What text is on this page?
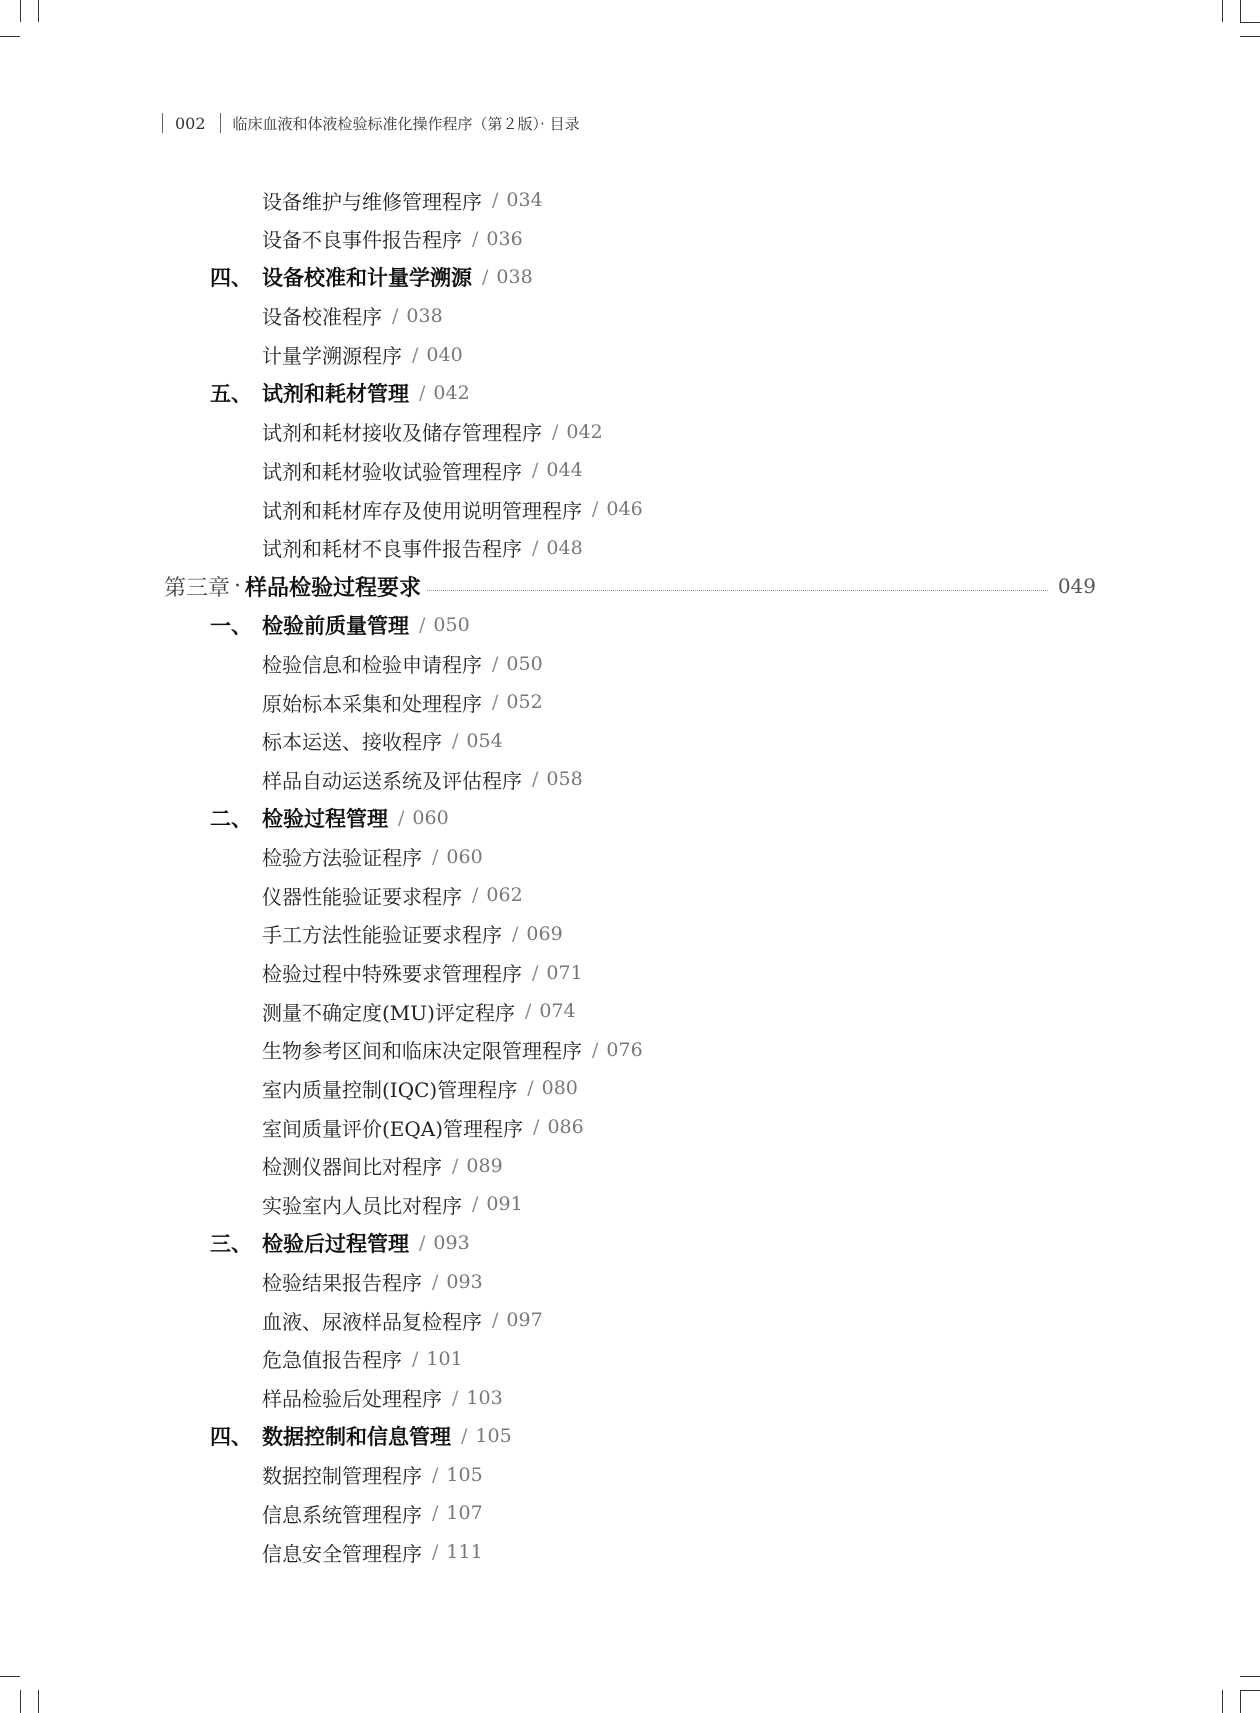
002 临床血液和体液检验标准化操作程序（第２版）· 目录
设备维护与维修管理程序 / 034
设备不良事件报告程序 / 036
四、 设备校准和计量学溯源 / 038
设备校准程序 / 038
计量学溯源程序 / 040
五、 试剂和耗材管理 / 042
试剂和耗材接收及储存管理程序 / 042
试剂和耗材验收试验管理程序 / 044
试剂和耗材库存及使用说明管理程序 / 046
试剂和耗材不良事件报告程序 / 048
第三章 · 样品检验过程要求	049
一、 检验前质量管理 / 050
检验信息和检验申请程序 / 050
原始标本采集和处理程序 / 052
标本运送、接收程序 / 054
样品自动运送系统及评估程序 / 058
二、 检验过程管理 / 060
检验方法验证程序 / 060
仪器性能验证要求程序 / 062
手工方法性能验证要求程序 / 069
检验过程中特殊要求管理程序 / 071
测量不确定度(MU)评定程序 / 074
生物参考区间和临床决定限管理程序 / 076
室内质量控制(IQC)管理程序 / 080
室间质量评价(EQA)管理程序 / 086
检测仪器间比对程序 / 089
实验室内人员比对程序 / 091
三、 检验后过程管理 / 093
检验结果报告程序 / 093
血液、尿液样品复检程序 / 097
危急值报告程序 / 101
样品检验后处理程序 / 103
四、 数据控制和信息管理 / 105
数据控制管理程序 / 105
信息系统管理程序 / 107
信息安全管理程序 / 111
